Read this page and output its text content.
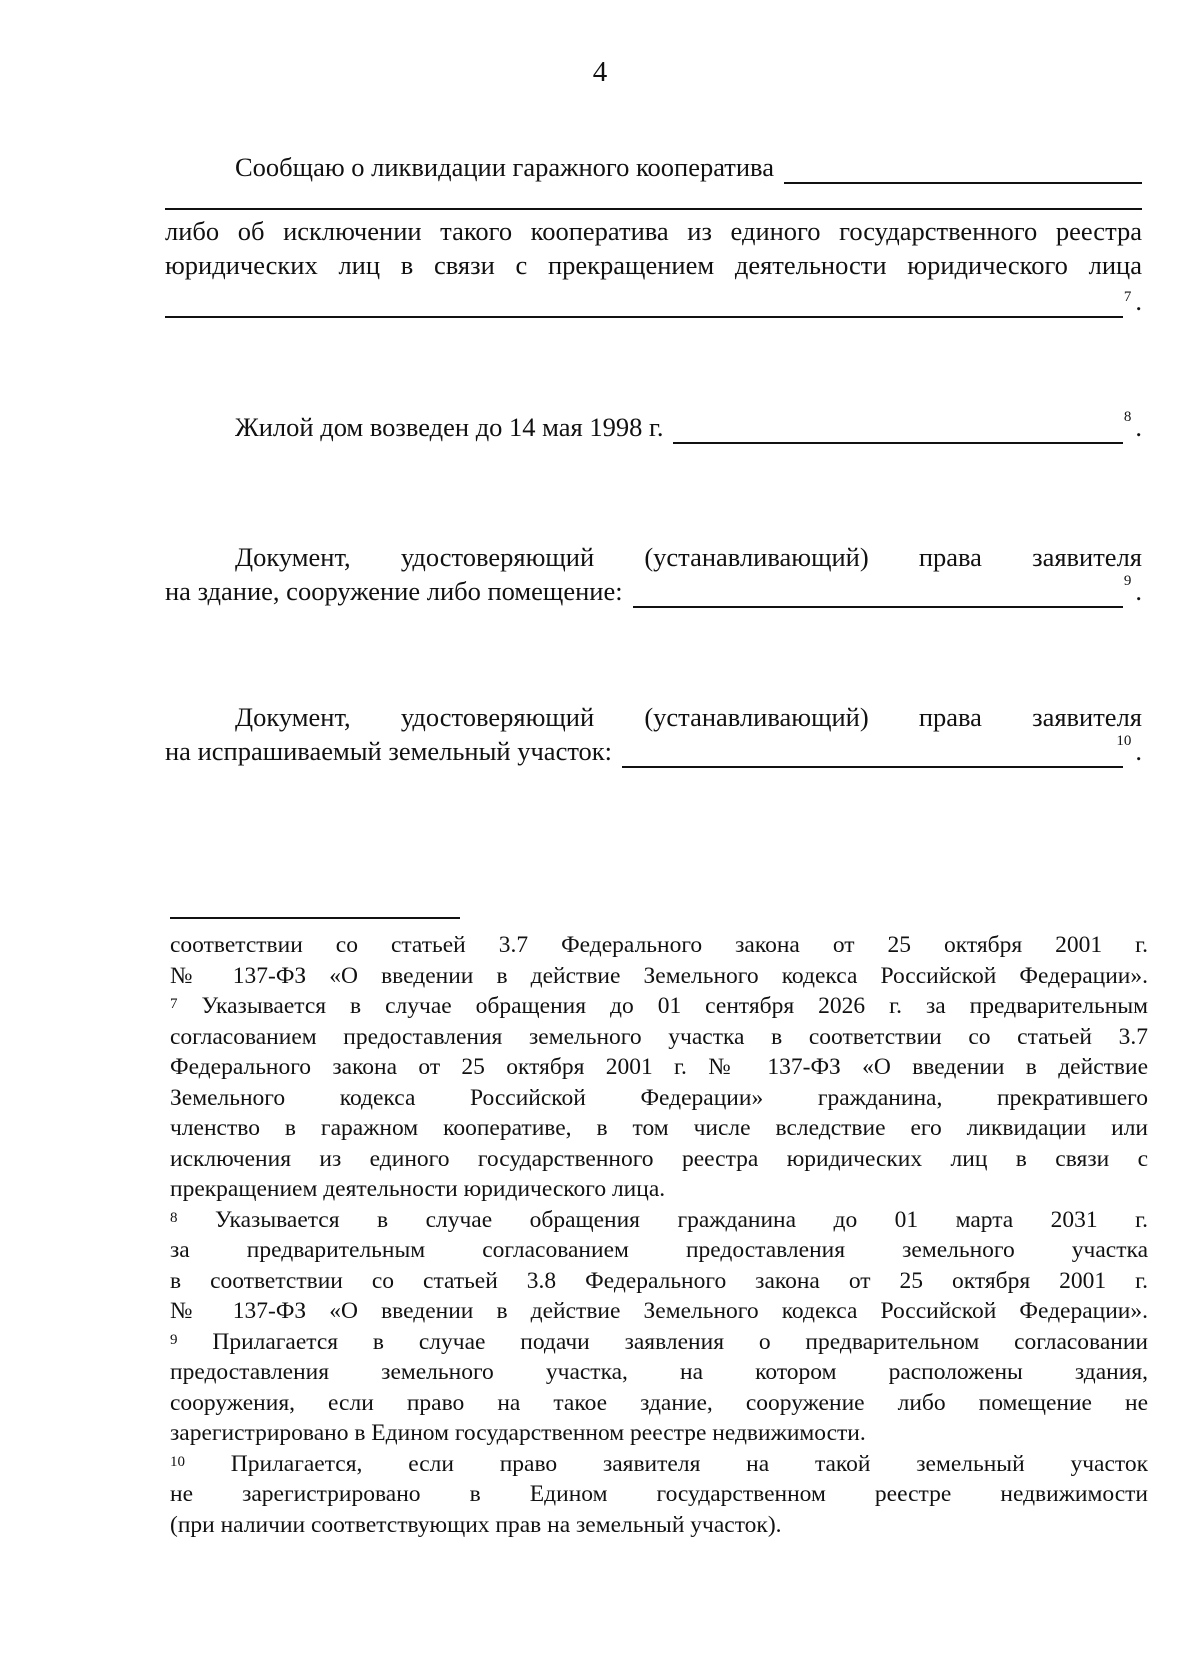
4
Сообщаю о ликвидации гаражного кооператива
либо об исключении такого кооператива из единого государственного реестра
юридических лиц в связи с прекращением деятельности юридического лица
7 .
Жилой дом возведен до 14 мая 1998 г.	8 .
Документ, удостоверяющий (устанавливающий) права заявителя
на здание, сооружение либо помещение:	9 .
Документ, удостоверяющий (устанавливающий) права заявителя
на испрашиваемый земельный участок:	10 .
соответствии со статьей 3.7 Федерального закона от 25 октября 2001 г.
№ 137-ФЗ «О введении в действие Земельного кодекса Российской Федерации».
$^7$ Указывается в случае обращения до 01 сентября 2026 г. за предварительным
согласованием предоставления земельного участка в соответствии со статьей 3.7
Федерального закона от 25 октября 2001 г. № 137-ФЗ «О введении в действие
Земельного кодекса Российской Федерации» гражданина, прекратившего
членство в гаражном кооперативе, в том числе вследствие его ликвидации или
исключения из единого государственного реестра юридических лиц в связи с
прекращением деятельности юридического лица.
$^8$ Указывается в случае обращения гражданина до 01 марта 2031 г.
за предварительным согласованием предоставления земельного участка
в соответствии со статьей 3.8 Федерального закона от 25 октября 2001 г.
№ 137-ФЗ «О введении в действие Земельного кодекса Российской Федерации».
$^9$ Прилагается в случае подачи заявления о предварительном согласовании
предоставления земельного участка, на котором расположены здания,
сооружения, если право на такое здание, сооружение либо помещение не
зарегистрировано в Едином государственном реестре недвижимости.
$^{10}$ Прилагается, если право заявителя на такой земельный участок
не зарегистрировано в Едином государственном реестре недвижимости
(при наличии соответствующих прав на земельный участок).
